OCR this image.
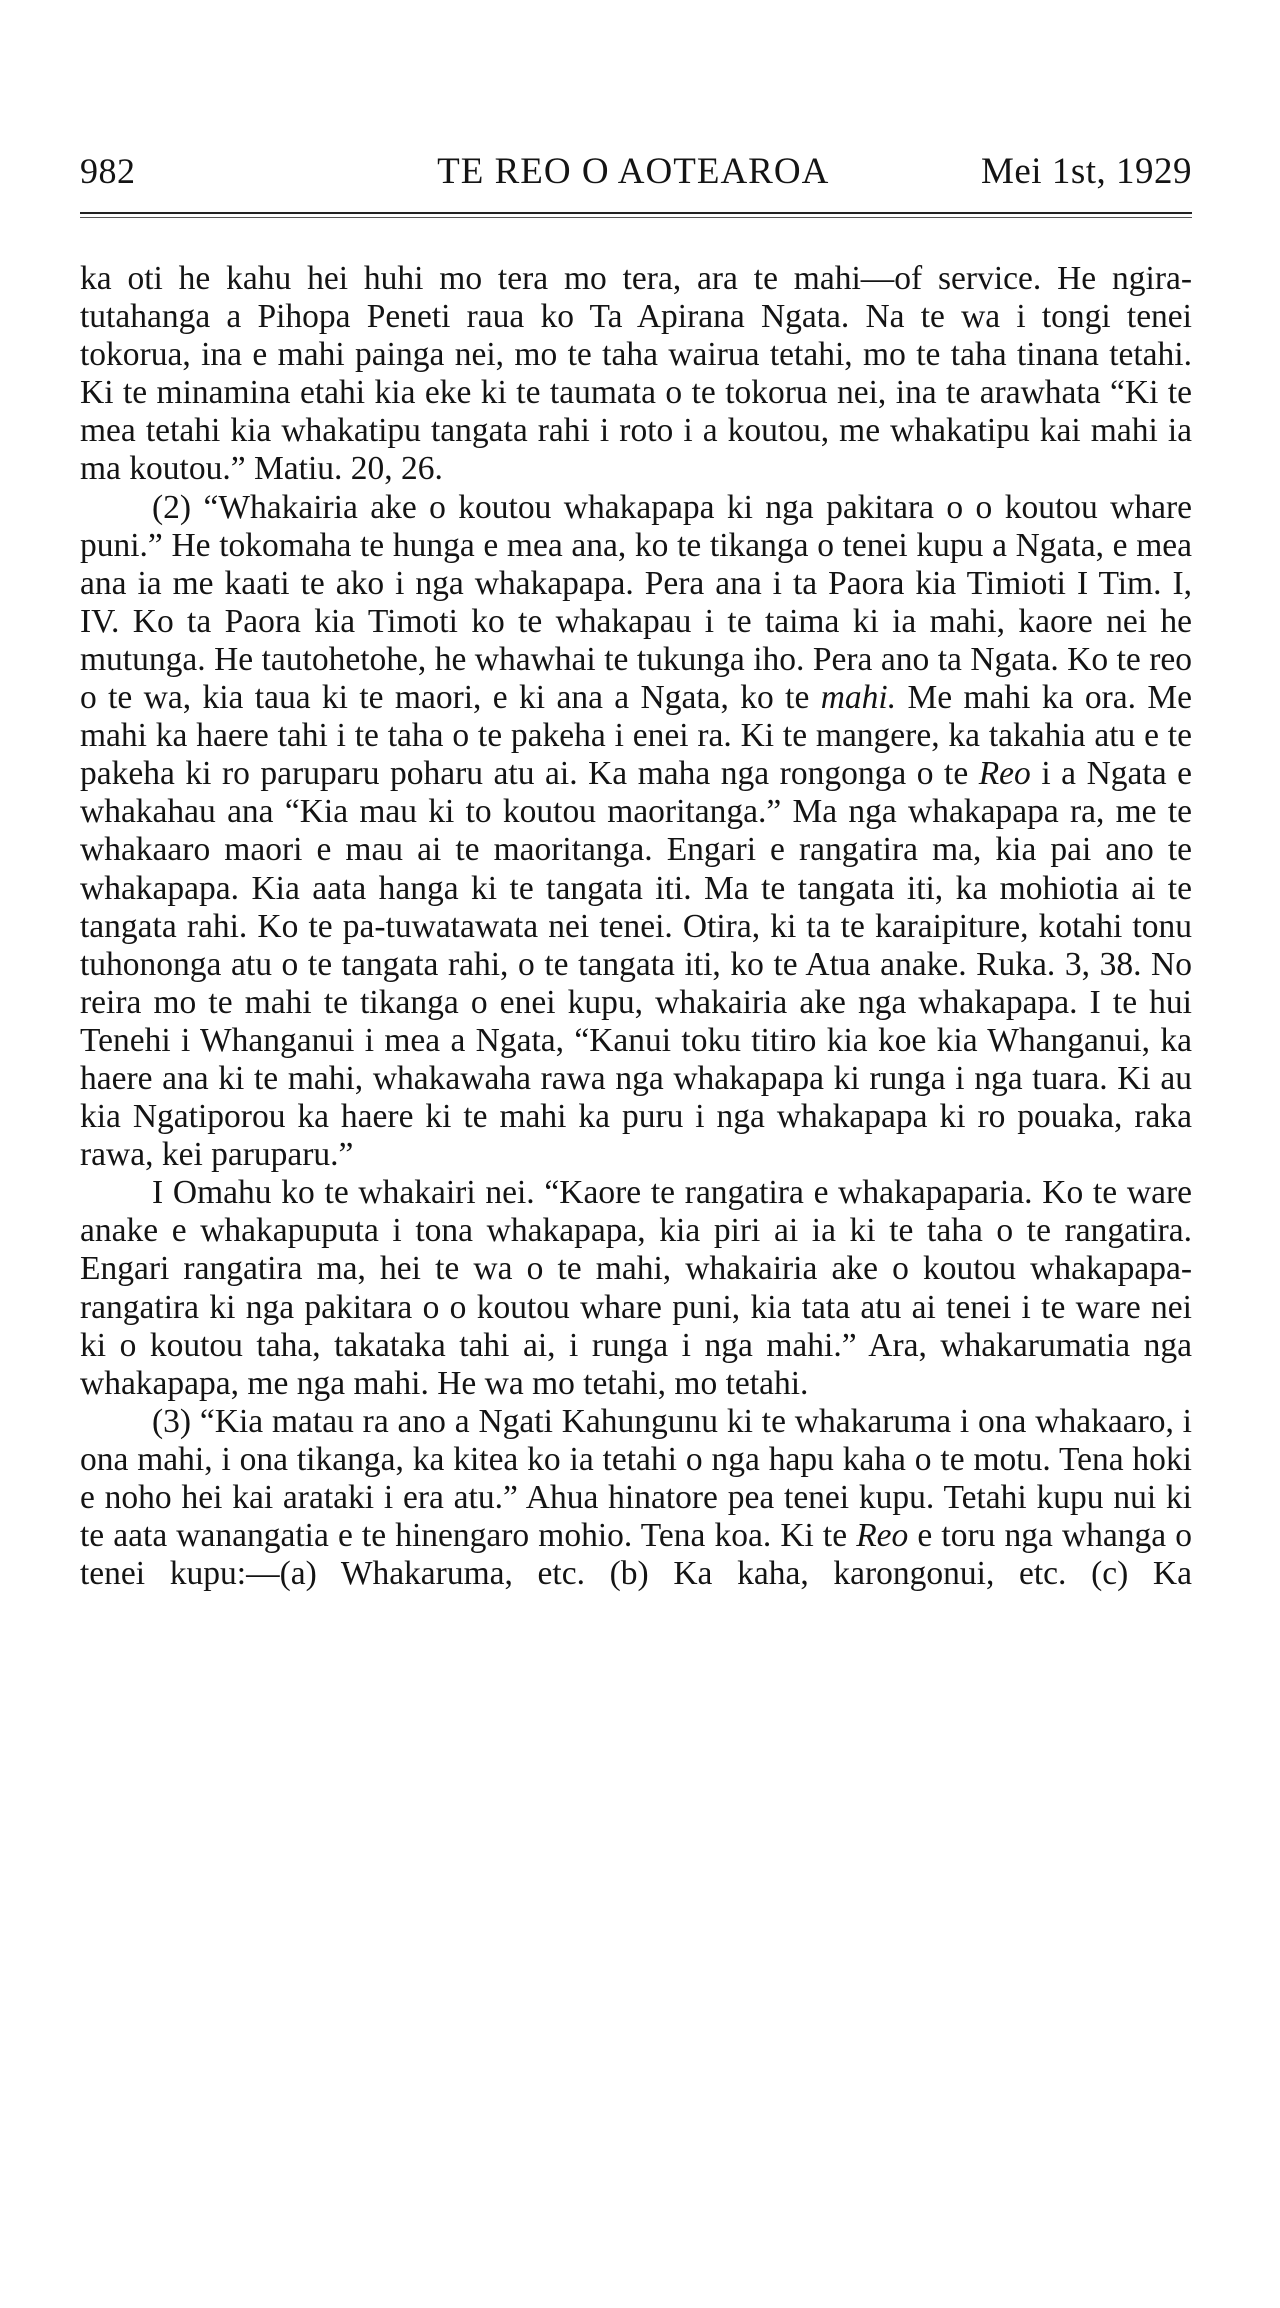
982	TE REO O AOTEAROA	Mei 1st, 1929

ka oti he kahu hei huhi mo tera mo tera, ara te mahi—of service. He ngira-tutahanga a Pihopa Peneti raua ko Ta Apirana Ngata. Na te wa i tongi tenei tokorua, ina e mahi painga nei, mo te taha wairua tetahi, mo te taha tinana tetahi. Ki te minamina etahi kia eke ki te taumata o te tokorua nei, ina te arawhata “Ki te mea tetahi kia whakatipu tangata rahi i roto i a koutou, me whakatipu kai mahi ia ma koutou.” Matiu. 20, 26.

(2) “Whakairia ake o koutou whakapapa ki nga pakitara o o koutou whare puni.” He tokomaha te hunga e mea ana, ko te tikanga o tenei kupu a Ngata, e mea ana ia me kaati te ako i nga whakapapa. Pera ana i ta Paora kia Timioti I Tim. I, IV. Ko ta Paora kia Timoti ko te whakapau i te taima ki ia mahi, kaore nei he mutunga. He tautohetohe, he whawhai te tukunga iho. Pera ano ta Ngata. Ko te reo o te wa, kia taua ki te maori, e ki ana a Ngata, ko te mahi. Me mahi ka ora. Me mahi ka haere tahi i te taha o te pakeha i enei ra. Ki te mangere, ka takahia atu e te pakeha ki ro paruparu poharu atu ai. Ka maha nga rongonga o te Reo i a Ngata e whakahau ana “Kia mau ki to koutou maoritanga.” Ma nga whakapapa ra, me te whakaaro maori e mau ai te maoritanga. Engari e rangatira ma, kia pai ano te whakapapa. Kia aata hanga ki te tangata iti. Ma te tangata iti, ka mohiotia ai te tangata rahi. Ko te pa-tuwatawata nei tenei. Otira, ki ta te karaipiture, kotahi tonu tuhononga atu o te tangata rahi, o te tangata iti, ko te Atua anake. Ruka. 3, 38. No reira mo te mahi te tikanga o enei kupu, whakairia ake nga whakapapa. I te hui Tenehi i Whanganui i mea a Ngata, “Kanui toku titiro kia koe kia Whanganui, ka haere ana ki te mahi, whakawaha rawa nga whakapapa ki runga i nga tuara. Ki au kia Ngatiporou ka haere ki te mahi ka puru i nga whakapapa ki ro pouaka, raka rawa, kei paruparu.”

I Omahu ko te whakairi nei. “Kaore te rangatira e whakapaparia. Ko te ware anake e whakapuputa i tona whakapapa, kia piri ai ia ki te taha o te rangatira. Engari rangatira ma, hei te wa o te mahi, whakairia ake o koutou whakapapa-rangatira ki nga pakitara o o koutou whare puni, kia tata atu ai tenei i te ware nei ki o koutou taha, takataka tahi ai, i runga i nga mahi.” Ara, whakarumatia nga whakapapa, me nga mahi. He wa mo tetahi, mo tetahi.

(3) “Kia matau ra ano a Ngati Kahungunu ki te whakaruma i ona whakaaro, i ona mahi, i ona tikanga, ka kitea ko ia tetahi o nga hapu kaha o te motu. Tena hoki e noho hei kai arataki i era atu.” Ahua hinatore pea tenei kupu. Tetahi kupu nui ki te aata wanangatia e te hinengaro mohio. Tena koa. Ki te Reo e toru nga whanga o tenei kupu:—(a) Whakaruma, etc. (b) Ka kaha, karongonui, etc. (c) Ka
